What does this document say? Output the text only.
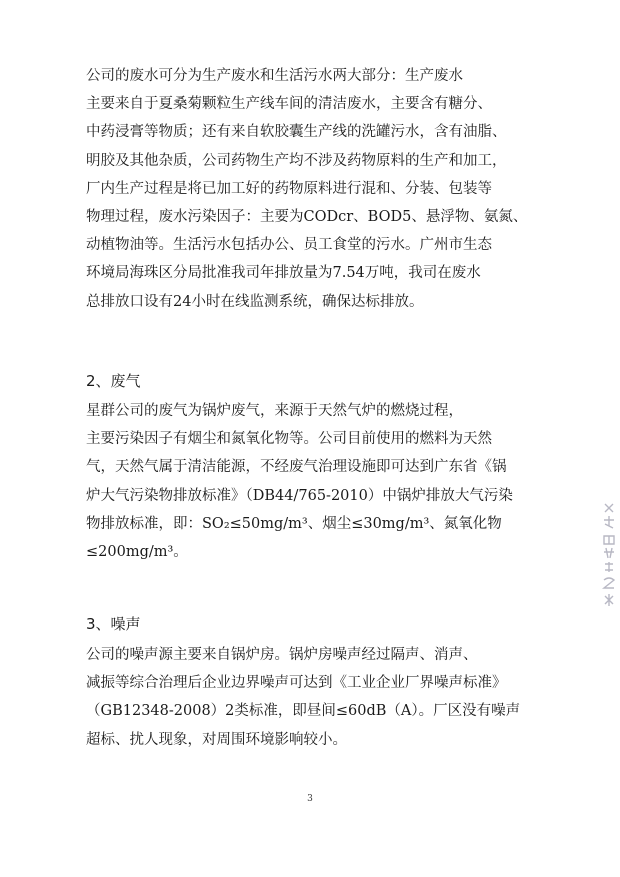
公司的废水可分为生产废水和生活污水两大部分：生产废水
主要来自于夏桑菊颗粒生产线车间的清洁废水，主要含有糖分、
中药浸膏等物质；还有来自软胶囊生产线的洗罐污水，含有油脂、
明胶及其他杂质，公司药物生产均不涉及药物原料的生产和加工，
厂内生产过程是将已加工好的药物原料进行混和、分装、包装等
物理过程，废水污染因子：主要为CODcr、BOD5、悬浮物、氨氮、
动植物油等。生活污水包括办公、员工食堂的污水。广州市生态
环境局海珠区分局批准我司年排放量为7.54万吨，我司在废水
总排放口设有24小时在线监测系统，确保达标排放。
2、废气
星群公司的废气为锅炉废气，来源于天然气炉的燃烧过程，
主要污染因子有烟尘和氮氧化物等。公司目前使用的燃料为天然
气，天然气属于清洁能源，不经废气治理设施即可达到广东省《锅
炉大气污染物排放标准》（DB44/765-2010）中锅炉排放大气污染
物排放标准，即：SO₂≤50mg/m³、烟尘≤30mg/m³、氮氧化物
≤200mg/m³。
3、噪声
公司的噪声源主要来自锅炉房。锅炉房噪声经过隔声、消声、
减振等综合治理后企业边界噪声可达到《工业企业厂界噪声标准》
（GB12348-2008）2类标准，即昼间≤60dB（A）。厂区没有噪声
超标、扰人现象，对周围环境影响较小。
3
